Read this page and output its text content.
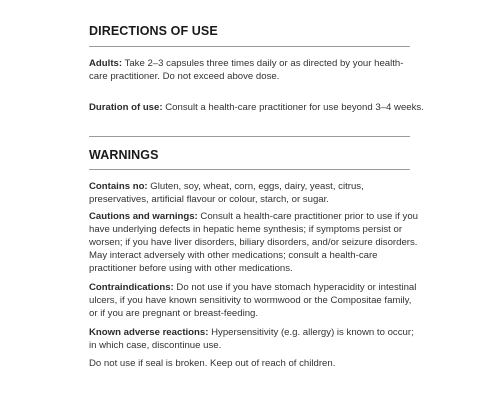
DIRECTIONS OF USE

Adults: Take 2–3 capsules three times daily or as directed by your health-care practitioner. Do not exceed above dose.

Duration of use: Consult a health-care practitioner for use beyond 3–4 weeks.

WARNINGS

Contains no: Gluten, soy, wheat, corn, eggs, dairy, yeast, citrus, preservatives, artificial flavour or colour, starch, or sugar.

Cautions and warnings: Consult a health-care practitioner prior to use if you have underlying defects in hepatic heme synthesis; if symptoms persist or worsen; if you have liver disorders, biliary disorders, and/or seizure disorders. May interact adversely with other medications; consult a health-care practitioner before using with other medications.

Contraindications: Do not use if you have stomach hyperacidity or intestinal ulcers, if you have known sensitivity to wormwood or the Compositae family, or if you are pregnant or breast-feeding.

Known adverse reactions: Hypersensitivity (e.g. allergy) is known to occur; in which case, discontinue use.

Do not use if seal is broken. Keep out of reach of children.
